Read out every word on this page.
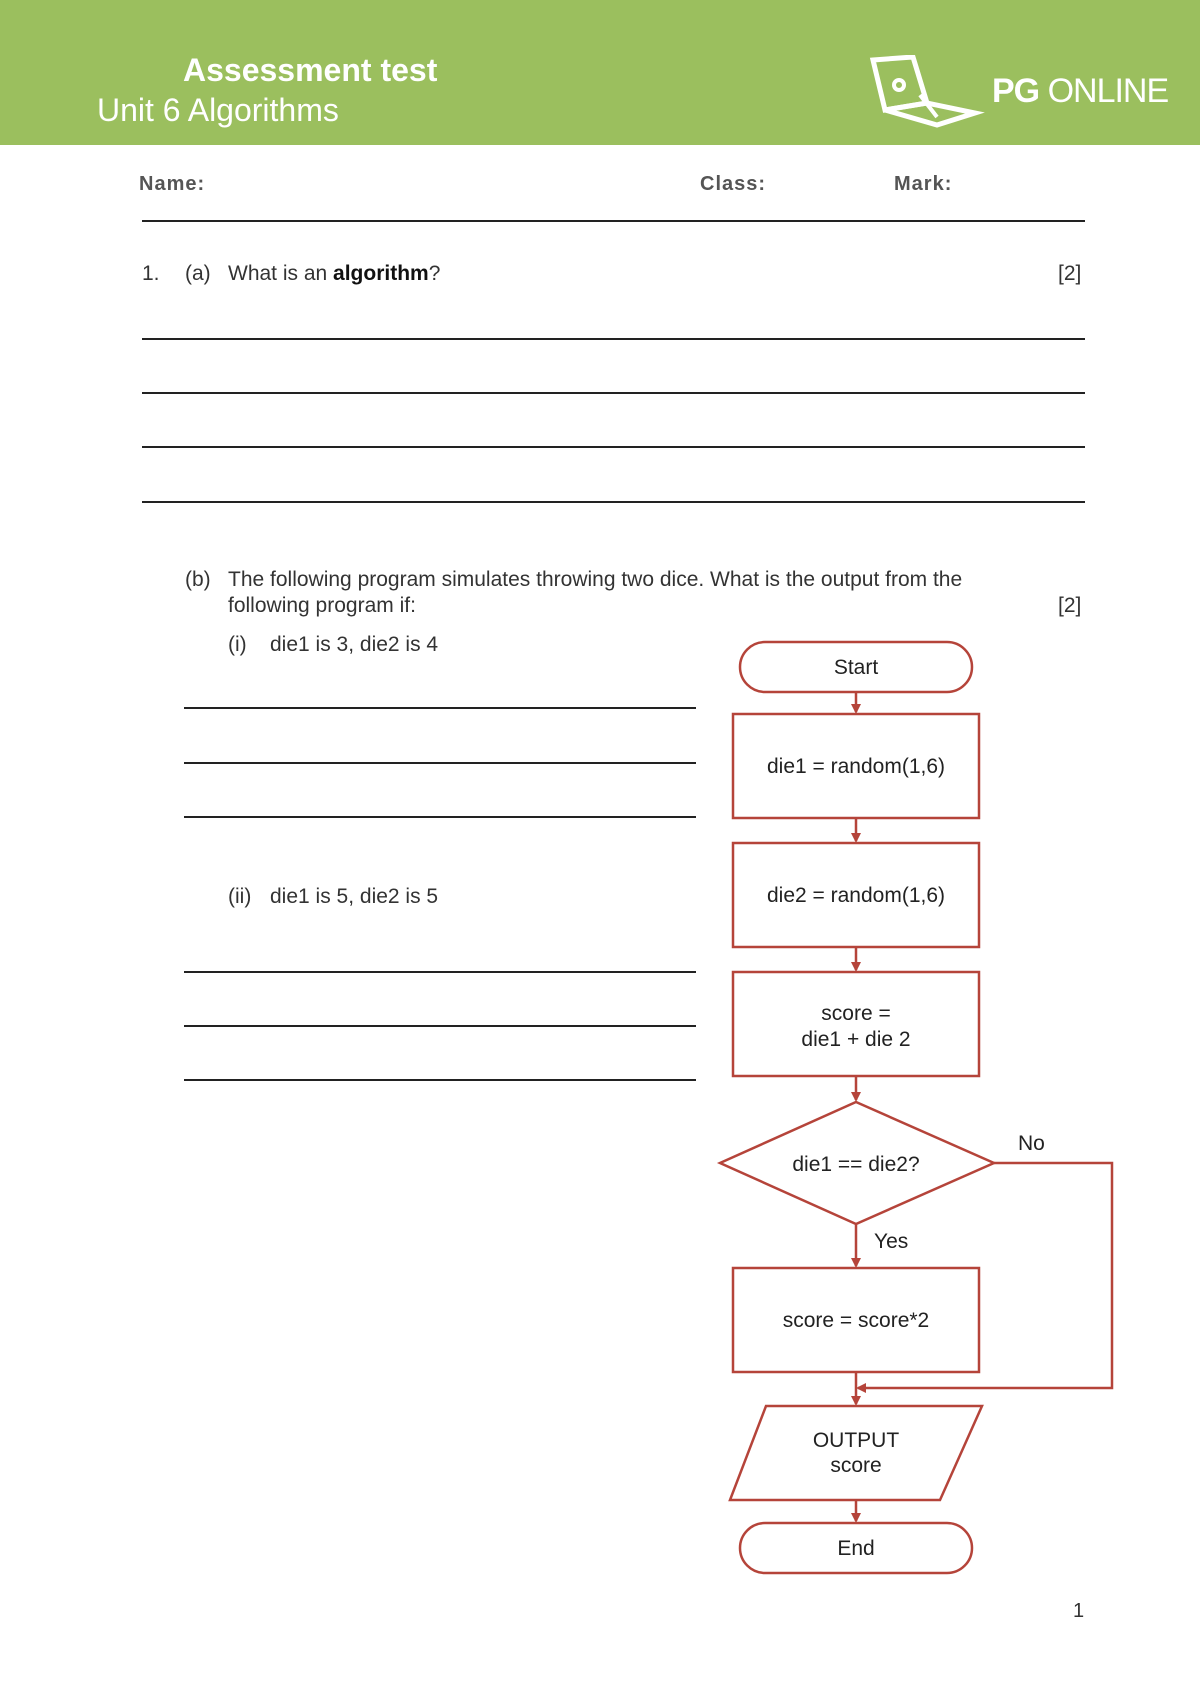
Assessment test
Unit 6 Algorithms	PG ONLINE
Name:	Class:	Mark:
1. (a) What is an algorithm?	[2]
(b) The following program simulates throwing two dice. What is the output from the
following program if:	[2]
(i) die1 is 3, die2 is 4
(ii) die1 is 5, die2 is 5
Start
die1 = random(1,6)
die2 = random(1,6)
score =
die1 + die 2
die1 == die2?
No
Yes
score = score*2
OUTPUT
score
End
1
